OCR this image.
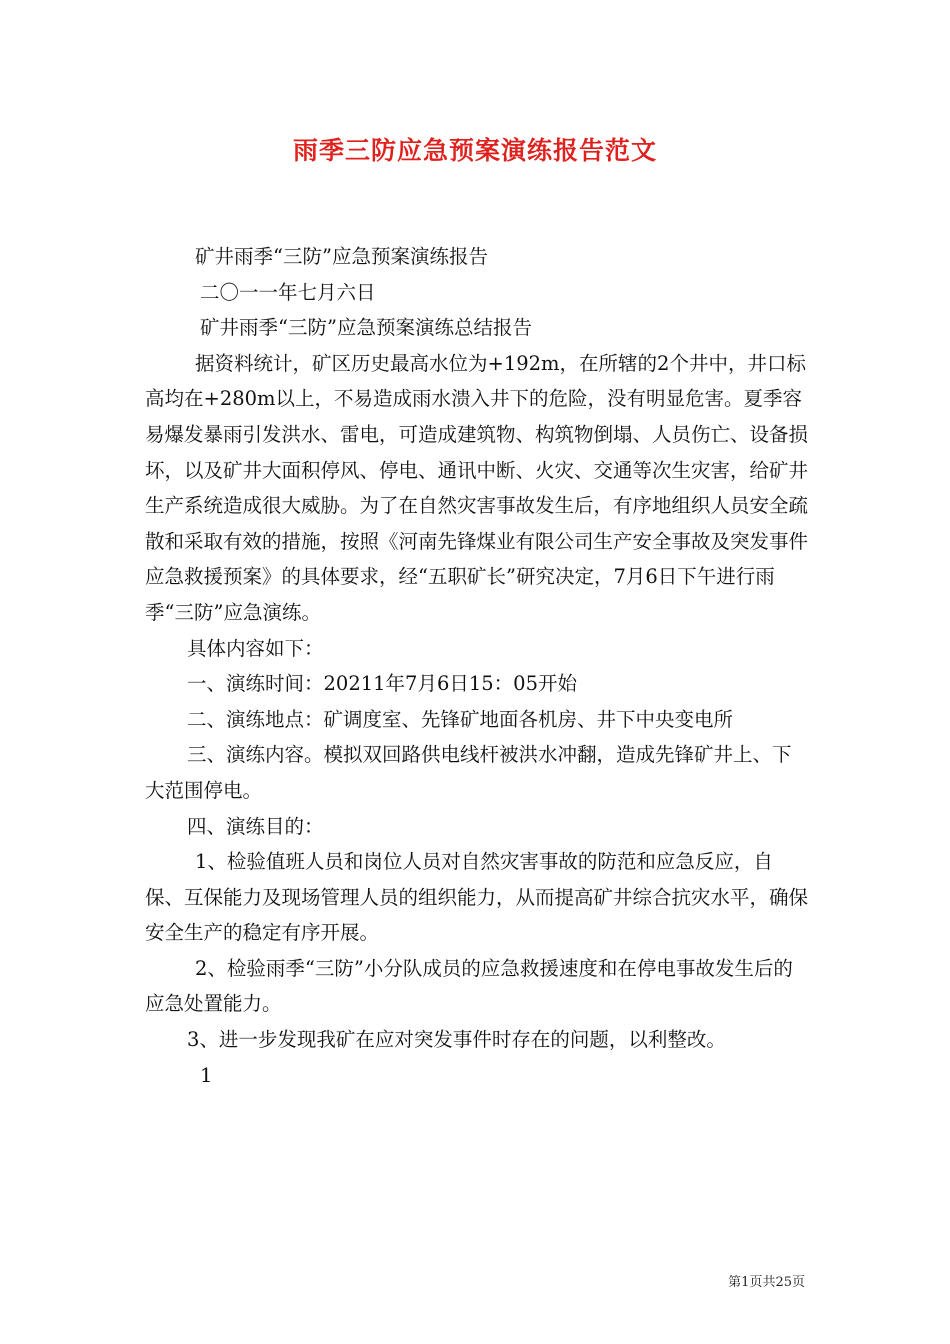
雨季三防应急预案演练报告范文

矿井雨季“三防”应急预案演练报告

二〇一一年七月六日

矿井雨季“三防”应急预案演练总结报告

据资料统计，矿区历史最高水位为+192m，在所辖的2个井中，井口标高均在+280m以上，不易造成雨水溃入井下的危险，没有明显危害。夏季容易爆发暴雨引发洪水、雷电，可造成建筑物、构筑物倒塌、人员伤亡、设备损坏，以及矿井大面积停风、停电、通讯中断、火灾、交通等次生灾害，给矿井生产系统造成很大威胁。为了在自然灾害事故发生后，有序地组织人员安全疏散和采取有效的措施，按照《河南先锋煤业有限公司生产安全事故及突发事件应急救援预案》的具体要求，经“五职矿长”研究决定，7月6日下午进行雨季“三防”应急演练。

具体内容如下：

一、演练时间：20211年7月6日15：05开始

二、演练地点：矿调度室、先锋矿地面各机房、井下中央变电所

三、演练内容。模拟双回路供电线杆被洪水冲翻，造成先锋矿井上、下大范围停电。

四、演练目的：

1、检验值班人员和岗位人员对自然灾害事故的防范和应急反应，自保、互保能力及现场管理人员的组织能力，从而提高矿井综合抗灾水平，确保安全生产的稳定有序开展。

2、检验雨季“三防”小分队成员的应急救援速度和在停电事故发生后的应急处置能力。

3、进一步发现我矿在应对突发事件时存在的问题，以利整改。

1

第1页共25页
